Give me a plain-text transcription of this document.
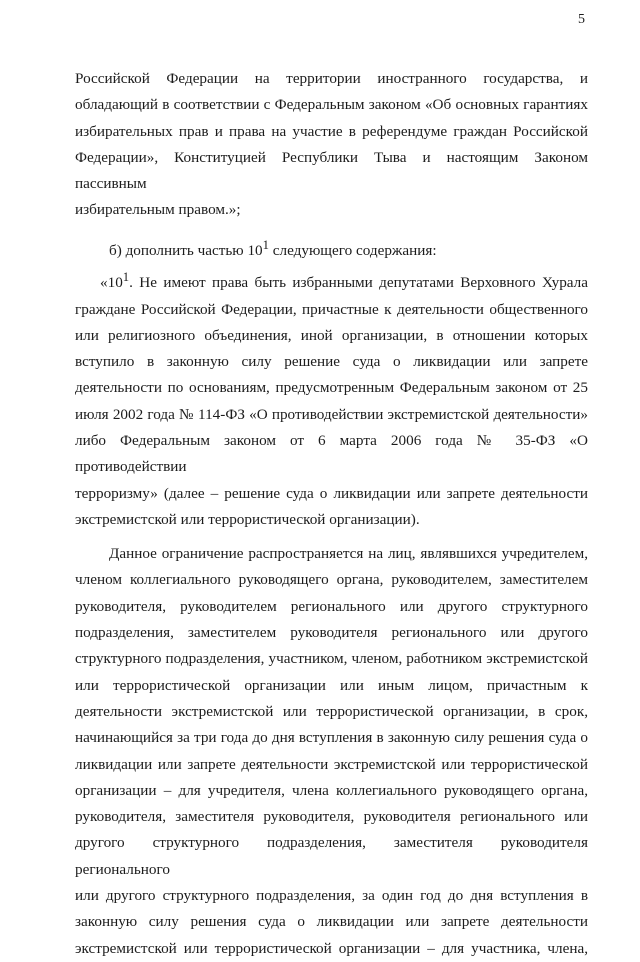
5

Российской Федерации на территории иностранного государства, и

обладающий в соответствии с Федеральным законом «Об основных гарантиях

избирательных прав и права на участие в референдуме граждан Российской

Федерации», Конституцией Республики Тыва и настоящим Законом пассивным

избирательным правом.»;

б) дополнить частью $10^1$ следующего содержания:

«$10^1$. Не имеют права быть избранными депутатами Верховного Хурала

граждане Российской Федерации, причастные к деятельности общественного

или религиозного объединения, иной организации, в отношении которых

вступило в законную силу решение суда о ликвидации или запрете

деятельности по основаниям, предусмотренным Федеральным законом от 25

июля 2002 года № 114-ФЗ «О противодействии экстремистской деятельности»

либо Федеральным законом от 6 марта 2006 года № 35-ФЗ «О противодействии

терроризму» (далее – решение суда о ликвидации или запрете деятельности

экстремистской или террористической организации).

Данное ограничение распространяется на лиц, являвшихся учредителем,

членом коллегиального руководящего органа, руководителем, заместителем

руководителя, руководителем регионального или другого структурного

подразделения, заместителем руководителя регионального или другого

структурного подразделения, участником, членом, работником экстремистской

или террористической организации или иным лицом, причастным к

деятельности экстремистской или террористической организации, в срок,

начинающийся за три года до дня вступления в законную силу решения суда о

ликвидации или запрете деятельности экстремистской или террористической

организации – для учредителя, члена коллегиального руководящего органа,

руководителя, заместителя руководителя, руководителя регионального или

другого структурного подразделения, заместителя руководителя регионального

или другого структурного подразделения, за один год до дня вступления в

законную силу решения суда о ликвидации или запрете деятельности

экстремистской или террористической организации – для участника, члена,
